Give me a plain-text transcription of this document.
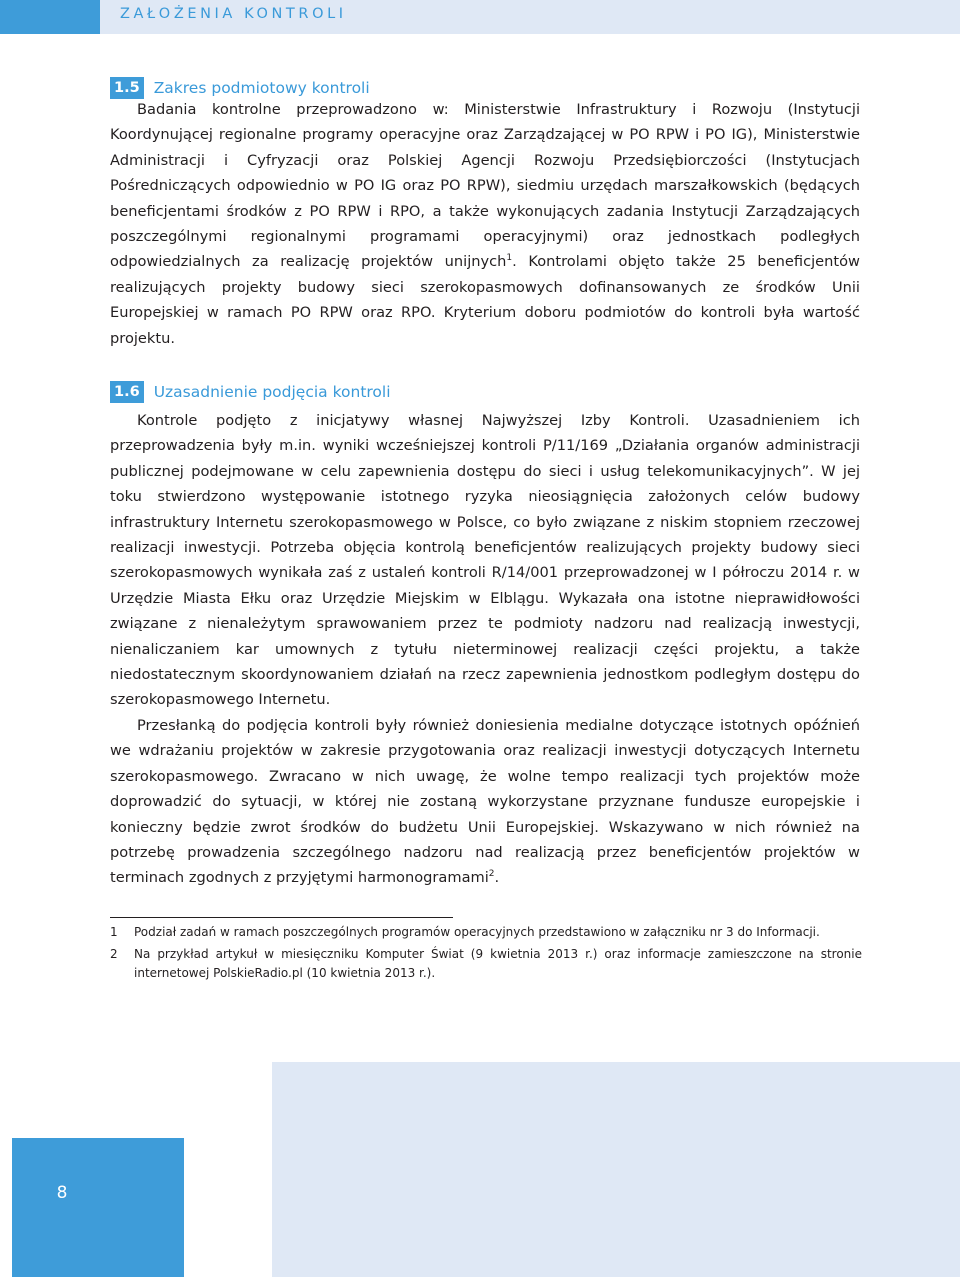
ZAŁOŻENIA KONTROLI
1.5 Zakres podmiotowy kontroli

Badania kontrolne przeprowadzono w: Ministerstwie Infrastruktury i Rozwoju (Instytucji Koordynującej regionalne programy operacyjne oraz Zarządzającej w PO RPW i PO IG), Ministerstwie Administracji i Cyfryzacji oraz Polskiej Agencji Rozwoju Przedsiębiorczości (Instytucjach Pośredniczących odpowiednio w PO IG oraz PO RPW), siedmiu urzędach marszałkowskich (będących beneficjentami środków z PO RPW i RPO, a także wykonujących zadania Instytucji Zarządzających poszczególnymi regionalnymi programami operacyjnymi) oraz jednostkach podległych odpowiedzialnych za realizację projektów unijnych$^1$. Kontrolami objęto także 25 beneficjentów realizujących projekty budowy sieci szerokopasmowych dofinansowanych ze środków Unii Europejskiej w ramach PO RPW oraz RPO. Kryterium doboru podmiotów do kontroli była wartość projektu.

1.6 Uzasadnienie podjęcia kontroli

Kontrole podjęto z inicjatywy własnej Najwyższej Izby Kontroli. Uzasadnieniem ich przeprowadzenia były m.in. wyniki wcześniejszej kontroli P/11/169 „Działania organów administracji publicznej podejmowane w celu zapewnienia dostępu do sieci i usług telekomunikacyjnych”. W jej toku stwierdzono występowanie istotnego ryzyka nieosiągnięcia założonych celów budowy infrastruktury Internetu szerokopasmowego w Polsce, co było związane z niskim stopniem rzeczowej realizacji inwestycji. Potrzeba objęcia kontrolą beneficjentów realizujących projekty budowy sieci szerokopasmowych wynikała zaś z ustaleń kontroli R/14/001 przeprowadzonej w I półroczu 2014 r. w Urzędzie Miasta Ełku oraz Urzędzie Miejskim w Elblągu. Wykazała ona istotne nieprawidłowości związane z nienależytym sprawowaniem przez te podmioty nadzoru nad realizacją inwestycji, nienaliczaniem kar umownych z tytułu nieterminowej realizacji części projektu, a także niedostatecznym skoordynowaniem działań na rzecz zapewnienia jednostkom podległym dostępu do szerokopasmowego Internetu.

Przesłanką do podjęcia kontroli były również doniesienia medialne dotyczące istotnych opóźnień we wdrażaniu projektów w zakresie przygotowania oraz realizacji inwestycji dotyczących Internetu szerokopasmowego. Zwracano w nich uwagę, że wolne tempo realizacji tych projektów może doprowadzić do sytuacji, w której nie zostaną wykorzystane przyznane fundusze europejskie i konieczny będzie zwrot środków do budżetu Unii Europejskiej. Wskazywano w nich również na potrzebę prowadzenia szczególnego nadzoru nad realizacją przez beneficjentów projektów w terminach zgodnych z przyjętymi harmonogramami$^2$.

1	Podział zadań w ramach poszczególnych programów operacyjnych przedstawiono w załączniku nr 3 do Informacji.
2	Na przykład artykuł w miesięczniku Komputer Świat (9 kwietnia 2013 r.) oraz informacje zamieszczone na stronie internetowej PolskieRadio.pl (10 kwietnia 2013 r.).
8
